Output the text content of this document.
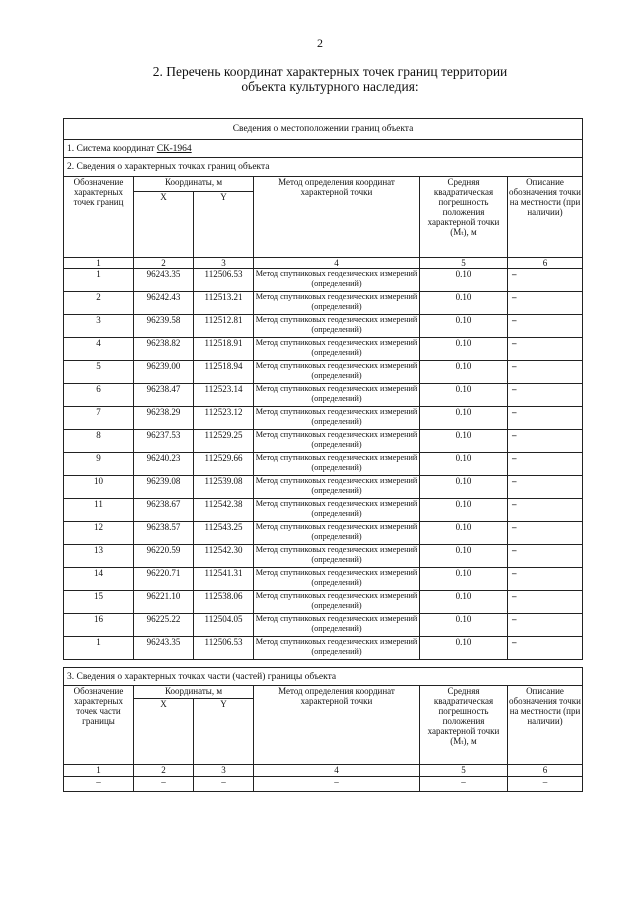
2
2. Перечень координат характерных точек границ территории
объекта культурного наследия:
Сведения о местоположении границ объекта					
1. Система координат СК-1964					
2. Сведения о характерных точках границ объекта					
Обозначение характерных точек границ	Координаты, м		Метод определения координат характерной точки	Средняя квадратическая погрешность положения характерной точки (Mₜ), м	Описание обозначения точки на местности (при наличии)
	X	Y			
1	2	3	4	5	6
1	96243.35	112506.53	Метод спутниковых геодезических измерений (определений)	0.10	–
2	96242.43	112513.21	Метод спутниковых геодезических измерений (определений)	0.10	–
3	96239.58	112512.81	Метод спутниковых геодезических измерений (определений)	0.10	–
4	96238.82	112518.91	Метод спутниковых геодезических измерений (определений)	0.10	–
5	96239.00	112518.94	Метод спутниковых геодезических измерений (определений)	0.10	–
6	96238.47	112523.14	Метод спутниковых геодезических измерений (определений)	0.10	–
7	96238.29	112523.12	Метод спутниковых геодезических измерений (определений)	0.10	–
8	96237.53	112529.25	Метод спутниковых геодезических измерений (определений)	0.10	–
9	96240.23	112529.66	Метод спутниковых геодезических измерений (определений)	0.10	–
10	96239.08	112539.08	Метод спутниковых геодезических измерений (определений)	0.10	–
11	96238.67	112542.38	Метод спутниковых геодезических измерений (определений)	0.10	–
12	96238.57	112543.25	Метод спутниковых геодезических измерений (определений)	0.10	–
13	96220.59	112542.30	Метод спутниковых геодезических измерений (определений)	0.10	–
14	96220.71	112541.31	Метод спутниковых геодезических измерений (определений)	0.10	–
15	96221.10	112538.06	Метод спутниковых геодезических измерений (определений)	0.10	–
16	96225.22	112504.05	Метод спутниковых геодезических измерений (определений)	0.10	–
1	96243.35	112506.53	Метод спутниковых геодезических измерений (определений)	0.10	–
3. Сведения о характерных точках части (частей) границы объекта					
Обозначение характерных точек части границы	Координаты, м		Метод определения координат характерной точки	Средняя квадратическая погрешность положения характерной точки (Mₜ), м	Описание обозначения точки на местности (при наличии)
	X	Y			
1	2	3	4	5	6
–	–	–	–	–	–
